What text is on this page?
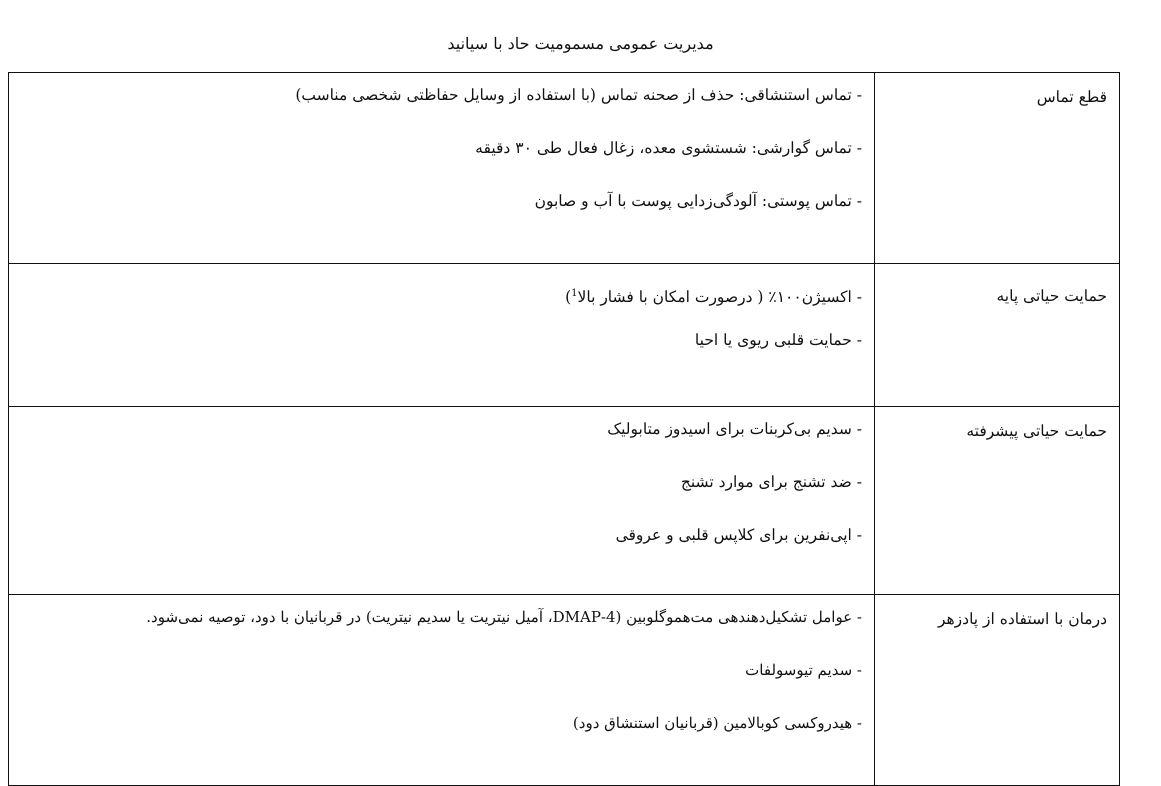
مدیریت عمومی مسمومیت حاد با سیانید
قطع تماس	- تماس استنشاقی: حذف از صحنه تماس (با استفاده از وسایل حفاظتی شخصی مناسب)
- تماس گوارشی: شستشوی معده، زغال فعال طی ۳۰ دقیقه
- تماس پوستی: آلودگی‌زدایی پوست با آب و صابون

حمایت حیاتی پایه	- اکسیژن۱۰۰٪ ( درصورت امکان با فشار بالا$^1$)
- حمایت قلبی ریوی یا احیا

حمایت حیاتی پیشرفته	- سدیم بی‌کربنات برای اسیدوز متابولیک
- ضد تشنج برای موارد تشنج
- اپی‌نفرین برای کلاپس قلبی و عروقی

درمان با استفاده از پادزهر	- عوامل تشکیل‌دهندهی مت‌هموگلوبین (4-DMAP، آمیل نیتریت یا سدیم نیتریت) در قربانیان با دود، توصیه نمی‌شود.
- سدیم تیوسولفات
- هیدروکسی کوبالامین (قربانیان استنشاق دود)
